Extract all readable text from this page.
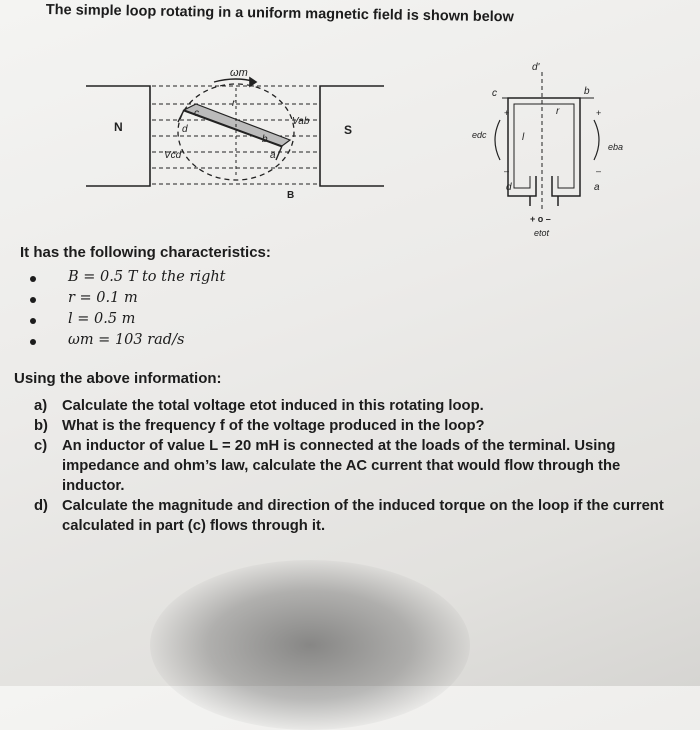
The simple loop rotating in a uniform magnetic field is shown below
N	S
ωm
r
c
d
b
a
Vab
Vcd
B
d'
c	b
r
l
d	a
edc
eba
+ o –
etot
+
–
+
–
It has the following characteristics:
B = 0.5 T to the right
r = 0.1 m
l = 0.5 m
ωm = 103 rad/s
Using the above information:
a) Calculate the total voltage etot induced in this rotating loop.
b) What is the frequency f of the voltage produced in the loop?
c) An inductor of value L = 20 mH is connected at the loads of the terminal. Using impedance and ohm’s law, calculate the AC current that would flow through the inductor.
d) Calculate the magnitude and direction of the induced torque on the loop if the current calculated in part (c) flows through it.
